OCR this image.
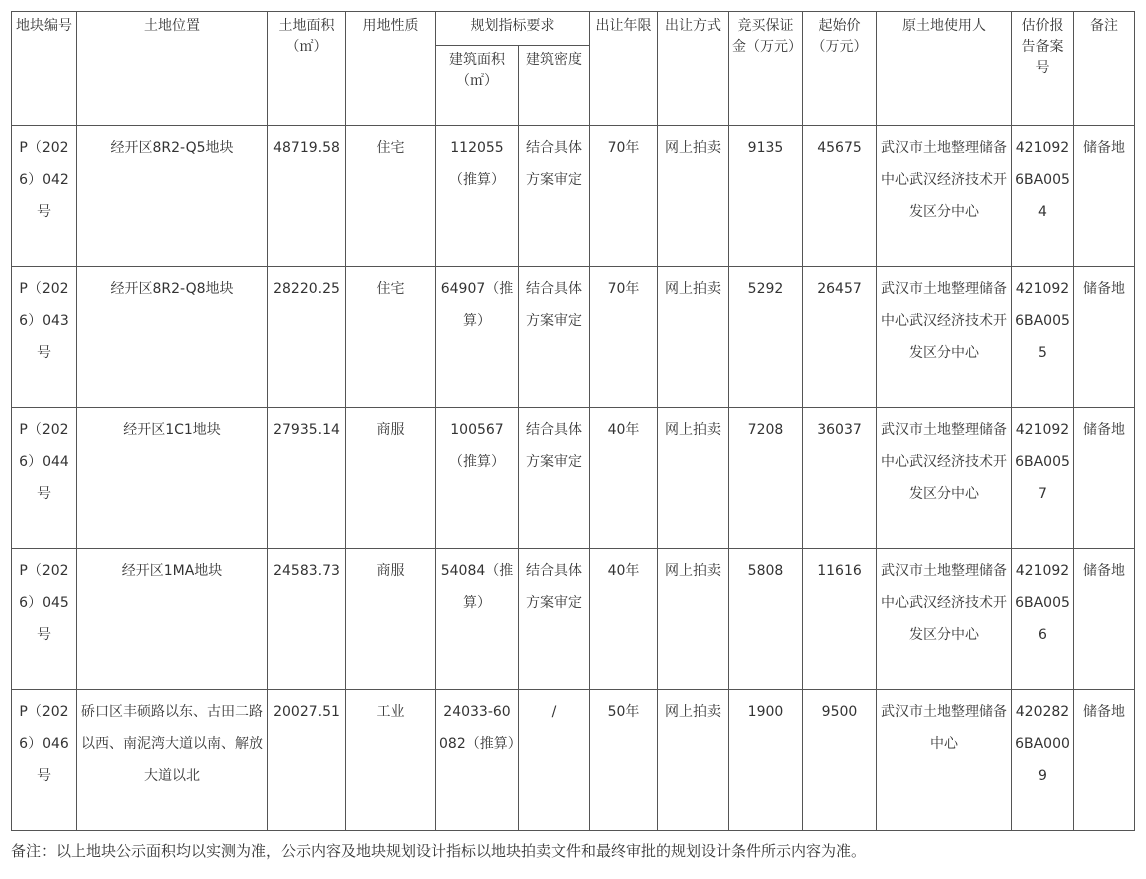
地块编号	土地位置	土地面积（㎡）	用地性质	规划指标要求		出让年限	出让方式	竞买保证金（万元）	起始价（万元）	原土地使用人	估价报告备案号	备注
				建筑面积（㎡）	建筑密度							
P（2026）042号	经开区8R2-Q5地块	48719.58	住宅	112055（推算）	结合具体方案审定	70年	网上拍卖	9135	45675	武汉市土地整理储备中心武汉经济技术开发区分中心	4210926BA0054	储备地
P（2026）043号	经开区8R2-Q8地块	28220.25	住宅	64907（推算）	结合具体方案审定	70年	网上拍卖	5292	26457	武汉市土地整理储备中心武汉经济技术开发区分中心	4210926BA0055	储备地
P（2026）044号	经开区1C1地块	27935.14	商服	100567（推算）	结合具体方案审定	40年	网上拍卖	7208	36037	武汉市土地整理储备中心武汉经济技术开发区分中心	4210926BA0057	储备地
P（2026）045号	经开区1MA地块	24583.73	商服	54084（推算）	结合具体方案审定	40年	网上拍卖	5808	11616	武汉市土地整理储备中心武汉经济技术开发区分中心	4210926BA0056	储备地
P（2026）046号	硚口区丰硕路以东、古田二路以西、南泥湾大道以南、解放大道以北	20027.51	工业	24033-60082（推算）	/	50年	网上拍卖	1900	9500	武汉市土地整理储备中心	4202826BA0009	储备地
备注：以上地块公示面积均以实测为准，公示内容及地块规划设计指标以地块拍卖文件和最终审批的规划设计条件所示内容为准。
